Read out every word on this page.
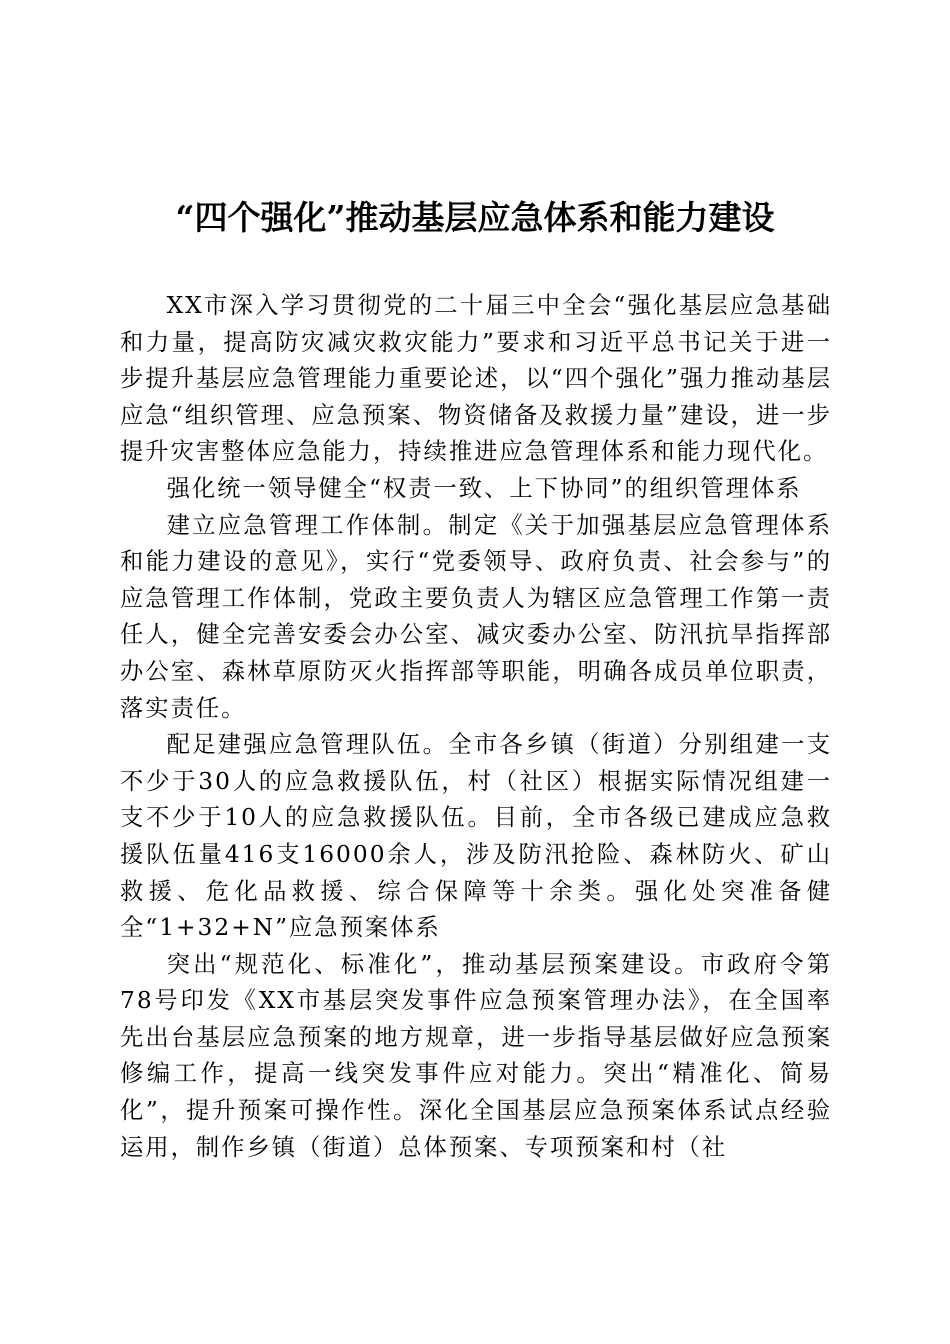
“四个强化”推动基层应急体系和能力建设

XX市深入学习贯彻党的二十届三中全会“强化基层应急基础和力量，提高防灾减灾救灾能力”要求和习近平总书记关于进一步提升基层应急管理能力重要论述，以“四个强化”强力推动基层应急“组织管理、应急预案、物资储备及救援力量”建设，进一步提升灾害整体应急能力，持续推进应急管理体系和能力现代化。

强化统一领导健全“权责一致、上下协同”的组织管理体系

建立应急管理工作体制。制定《关于加强基层应急管理体系和能力建设的意见》，实行“党委领导、政府负责、社会参与”的应急管理工作体制，党政主要负责人为辖区应急管理工作第一责任人，健全完善安委会办公室、减灾委办公室、防汛抗旱指挥部办公室、森林草原防灭火指挥部等职能，明确各成员单位职责，落实责任。

配足建强应急管理队伍。全市各乡镇（街道）分别组建一支不少于30人的应急救援队伍，村（社区）根据实际情况组建一支不少于10人的应急救援队伍。目前，全市各级已建成应急救援队伍量416支16000余人，涉及防汛抢险、森林防火、矿山救援、危化品救援、综合保障等十余类。强化处突准备健全“1+32+N”应急预案体系

突出“规范化、标准化”，推动基层预案建设。市政府令第78号印发《XX市基层突发事件应急预案管理办法》，在全国率先出台基层应急预案的地方规章，进一步指导基层做好应急预案修编工作，提高一线突发事件应对能力。突出“精准化、简易化”，提升预案可操作性。深化全国基层应急预案体系试点经验运用，制作乡镇（街道）总体预案、专项预案和村（社
